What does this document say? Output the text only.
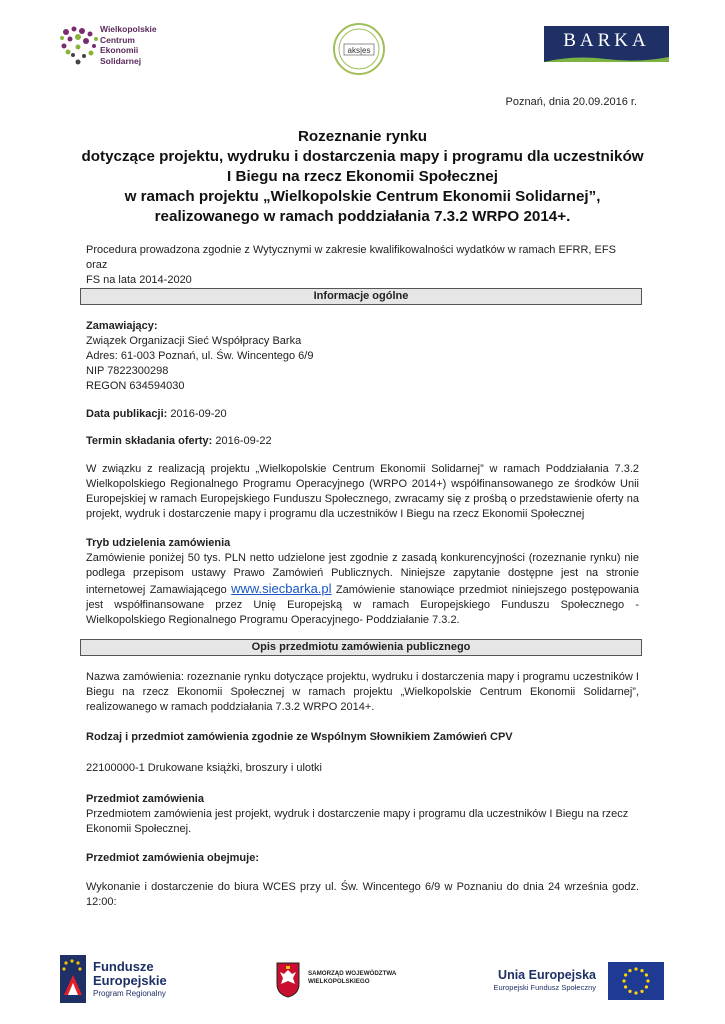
Wielkopolskie
Centrum
Ekonomii
Solidarnej
aks|es	BARKA
Poznań, dnia 20.09.2016 r.
Rozeznanie rynku
dotyczące projektu, wydruku i dostarczenia mapy i programu dla uczestników
I Biegu na rzecz Ekonomii Społecznej
w ramach projektu „Wielkopolskie Centrum Ekonomii Solidarnej”,
realizowanego w ramach poddziałania 7.3.2 WRPO 2014+.
Procedura prowadzona zgodnie z Wytycznymi w zakresie kwalifikowalności wydatków w ramach EFRR, EFS oraz
FS na lata 2014-2020
Informacje ogólne
Zamawiający:
Związek Organizacji Sieć Współpracy Barka
Adres: 61-003 Poznań, ul. Św. Wincentego 6/9
NIP 7822300298
REGON 634594030
Data publikacji: 2016-09-20
Termin składania oferty: 2016-09-22
W związku z realizacją projektu „Wielkopolskie Centrum Ekonomii Solidarnej” w ramach Poddziałania 7.3.2 Wielkopolskiego Regionalnego Programu Operacyjnego (WRPO 2014+) współfinansowanego ze środków Unii Europejskiej w ramach Europejskiego Funduszu Społecznego, zwracamy się z prośbą o przedstawienie oferty na projekt, wydruk i dostarczenie mapy i programu dla uczestników I Biegu na rzecz Ekonomii Społecznej
Tryb udzielenia zamówienia
Zamówienie poniżej 50 tys. PLN netto udzielone jest zgodnie z zasadą konkurencyjności (rozeznanie rynku) nie podlega przepisom ustawy Prawo Zamówień Publicznych. Niniejsze zapytanie dostępne jest na stronie internetowej Zamawiającego www.siecbarka.pl Zamówienie stanowiące przedmiot niniejszego postępowania jest współfinansowane przez Unię Europejską w ramach Europejskiego Funduszu Społecznego - Wielkopolskiego Regionalnego Programu Operacyjnego- Poddziałanie 7.3.2.
Opis przedmiotu zamówienia publicznego
Nazwa zamówienia: rozeznanie rynku dotyczące projektu, wydruku i dostarczenia mapy i programu uczestników I Biegu na rzecz Ekonomii Społecznej w ramach projektu „Wielkopolskie Centrum Ekonomii Solidarnej”, realizowanego w ramach poddziałania 7.3.2 WRPO 2014+.
Rodzaj i przedmiot zamówienia zgodnie ze Wspólnym Słownikiem Zamówień CPV
22100000-1 Drukowane książki, broszury i ulotki
Przedmiot zamówienia
Przedmiotem zamówienia jest projekt, wydruk i dostarczenie mapy i programu dla uczestników I Biegu na rzecz Ekonomii Społecznej.
Przedmiot zamówienia obejmuje:
Wykonanie i dostarczenie do biura WCES przy ul. Św. Wincentego 6/9 w Poznaniu do dnia 24 września godz. 12:00:
Fundusze
Europejskie
Program Regionalny
SAMORZĄD WOJEWÓDZTWA
WIELKOPOLSKIEGO	Unia Europejska
Europejski Fundusz Społeczny
